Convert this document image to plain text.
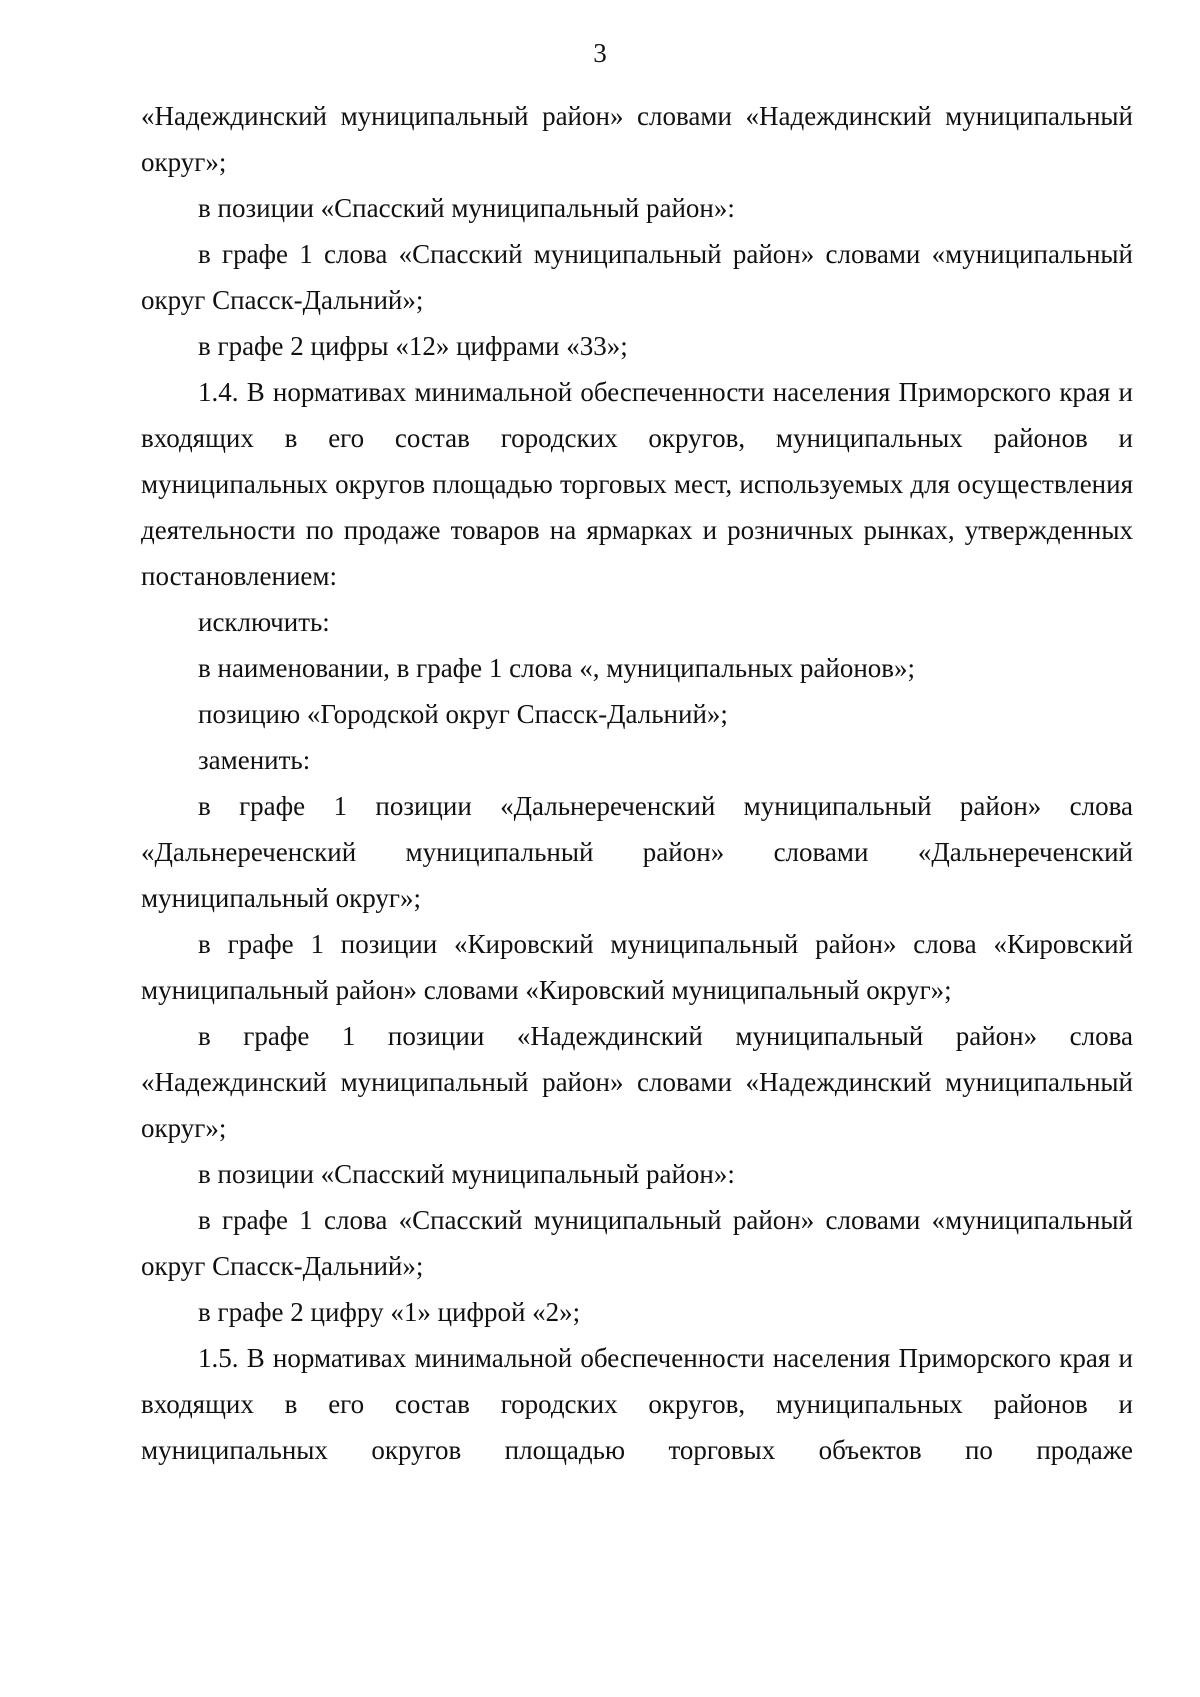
3

«Надеждинский муниципальный район» словами «Надеждинский муниципальный округ»;

в позиции «Спасский муниципальный район»:

в графе 1 слова «Спасский муниципальный район» словами «муниципальный округ Спасск-Дальний»;

в графе 2 цифры «12» цифрами «33»;

1.4. В нормативах минимальной обеспеченности населения Приморского края и входящих в его состав городских округов, муниципальных районов и муниципальных округов площадью торговых мест, используемых для осуществления деятельности по продаже товаров на ярмарках и розничных рынках, утвержденных постановлением:

исключить:

в наименовании, в графе 1 слова «, муниципальных районов»;

позицию «Городской округ Спасск-Дальний»;

заменить:

в графе 1 позиции «Дальнереченский муниципальный район» слова «Дальнереченский муниципальный район» словами «Дальнереченский муниципальный округ»;

в графе 1 позиции «Кировский муниципальный район» слова «Кировский муниципальный район» словами «Кировский муниципальный округ»;

в графе 1 позиции «Надеждинский муниципальный район» слова «Надеждинский муниципальный район» словами «Надеждинский муниципальный округ»;

в позиции «Спасский муниципальный район»:

в графе 1 слова «Спасский муниципальный район» словами «муниципальный округ Спасск-Дальний»;

в графе 2 цифру «1» цифрой «2»;

1.5. В нормативах минимальной обеспеченности населения Приморского края и входящих в его состав городских округов, муниципальных районов и муниципальных округов площадью торговых объектов по продаже
